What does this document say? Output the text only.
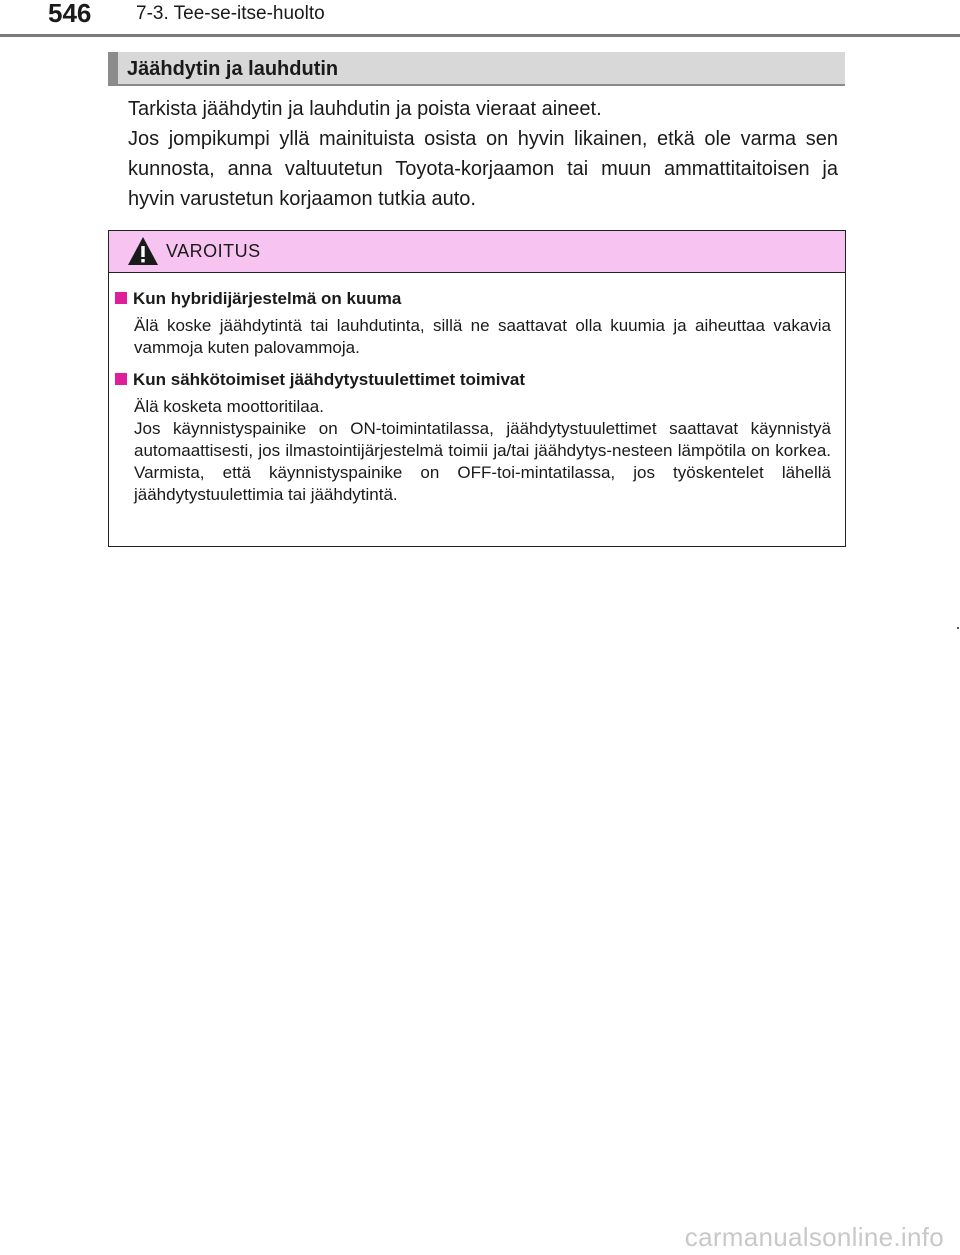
546 7-3. Tee-se-itse-huolto
Jäähdytin ja lauhdutin

Tarkista jäähdytin ja lauhdutin ja poista vieraat aineet.

Jos jompikumpi yllä mainituista osista on hyvin likainen, etkä ole varma sen kunnosta, anna valtuutetun Toyota-korjaamon tai muun ammattitaitoisen ja hyvin varustetun korjaamon tutkia auto.

VAROITUS
Kun hybridijärjestelmä on kuuma

Älä koske jäähdytintä tai lauhdutinta, sillä ne saattavat olla kuumia ja aiheuttaa vakavia vammoja kuten palovammoja.

Kun sähkötoimiset jäähdytystuulettimet toimivat

Älä kosketa moottoritilaa.

Jos käynnistyspainike on ON-toimintatilassa, jäähdytystuulettimet saattavat käynnistyä automaattisesti, jos ilmastointijärjestelmä toimii ja/tai jäähdytys-nesteen lämpötila on korkea. Varmista, että käynnistyspainike on OFF-toi-mintatilassa, jos työskentelet lähellä jäähdytystuulettimia tai jäähdytintä.

carmanualsonline.info
